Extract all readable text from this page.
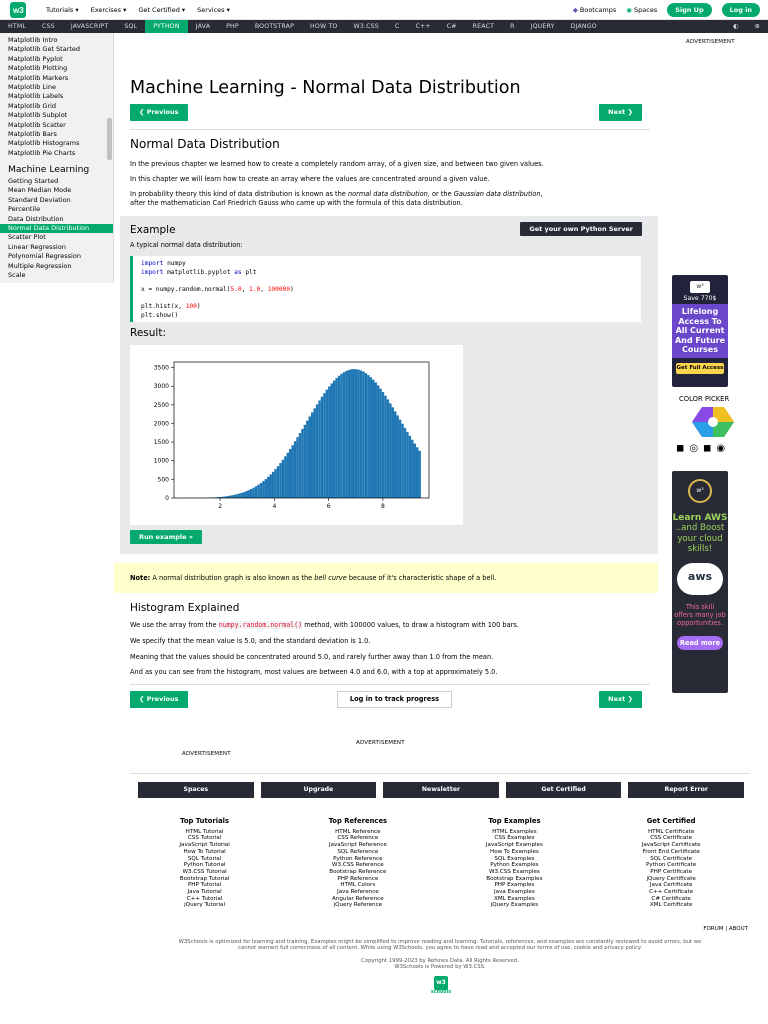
w3	Tutorials ▾ Exercises ▾ Get Certified ▾ Services ▾	◆ Bootcamps ◉ Spaces	Sign Up	Log in
HTML	CSS	JAVASCRIPT	SQL	PYTHON	JAVA	PHP	BOOTSTRAP	HOW TO	W3.CSS	C	C++	C#	REACT	R	JQUERY	DJANGO	◐	⊕
Matplotlib Intro
Matplotlib Get Started
Matplotlib Pyplot
Matplotlib Plotting
Matplotlib Markers
Matplotlib Line
Matplotlib Labels
Matplotlib Grid
Matplotlib Subplot
Matplotlib Scatter
Matplotlib Bars
Matplotlib Histograms
Matplotlib Pie Charts
Machine Learning
Getting Started
Mean Median Mode
Standard Deviation
Percentile
Data Distribution
Normal Data Distribution
Scatter Plot
Linear Regression
Polynomial Regression
Multiple Regression
Scale
Machine Learning - Normal Data Distribution
❮ Previous	Next ❯
Normal Data Distribution
In the previous chapter we learned how to create a completely random array, of a given size, and between two given values.
In this chapter we will learn how to create an array where the values are concentrated around a given value.
In probability theory this kind of data distribution is known as the normal data distribution, or the Gaussian data distribution,
after the mathematician Carl Friedrich Gauss who came up with the formula of this data distribution.
Example	Get your own Python Server
A typical normal data distribution:
import numpy
import matplotlib.pyplot as plt

x = numpy.random.normal(5.0, 1.0, 100000)

plt.hist(x, 100)
plt.show()
Result:
2	4	6	8
0
500
1000
1500
2000
2500
3000
3500
Run example »
Note: A normal distribution graph is also known as the bell curve because of it's characteristic shape of a bell.
Histogram Explained
We use the array from the numpy.random.normal() method, with 100000 values, to draw a histogram with 100 bars.
We specify that the mean value is 5.0, and the standard deviation is 1.0.
Meaning that the values should be concentrated around 5.0, and rarely further away than 1.0 from the mean.
And as you can see from the histogram, most values are between 4.0 and 6.0, with a top at approximately 5.0.
❮ Previous	Log in to track progress	Next ❯
ADVERTISEMENT
w³
Save 770$
Lifelong
Access To
All Current
And Future
Courses
Get Full Access
COLOR PICKER
◼ ◎ ◼ ◉
w³
Learn AWS
..and Boost
your cloud
skills!
aws
This skill
offers many job
opportunities.
Read more
ADVERTISEMENT
ADVERTISEMENT
Spaces	Upgrade	Newsletter	Get Certified	Report Error
Top Tutorials
HTML Tutorial
CSS Tutorial
JavaScript Tutorial
How To Tutorial
SQL Tutorial
Python Tutorial
W3.CSS Tutorial
Bootstrap Tutorial
PHP Tutorial
Java Tutorial
C++ Tutorial
jQuery Tutorial
Top References
HTML Reference
CSS Reference
JavaScript Reference
SQL Reference
Python Reference
W3.CSS Reference
Bootstrap Reference
PHP Reference
HTML Colors
Java Reference
Angular Reference
jQuery Reference
Top Examples
HTML Examples
CSS Examples
JavaScript Examples
How To Examples
SQL Examples
Python Examples
W3.CSS Examples
Bootstrap Examples
PHP Examples
Java Examples
XML Examples
jQuery Examples
Get Certified
HTML Certificate
CSS Certificate
JavaScript Certificate
Front End Certificate
SQL Certificate
Python Certificate
PHP Certificate
jQuery Certificate
Java Certificate
C++ Certificate
C# Certificate
XML Certificate
FORUM | ABOUT
W3Schools is optimized for learning and training. Examples might be simplified to improve reading and learning. Tutorials, references, and examples are constantly reviewed to avoid errors, but we
cannot warrant full correctness of all content. While using W3Schools, you agree to have read and accepted our terms of use, cookie and privacy policy.
Copyright 1999-2023 by Refsnes Data. All Rights Reserved.
W3Schools is Powered by W3.CSS.
w3
schools
